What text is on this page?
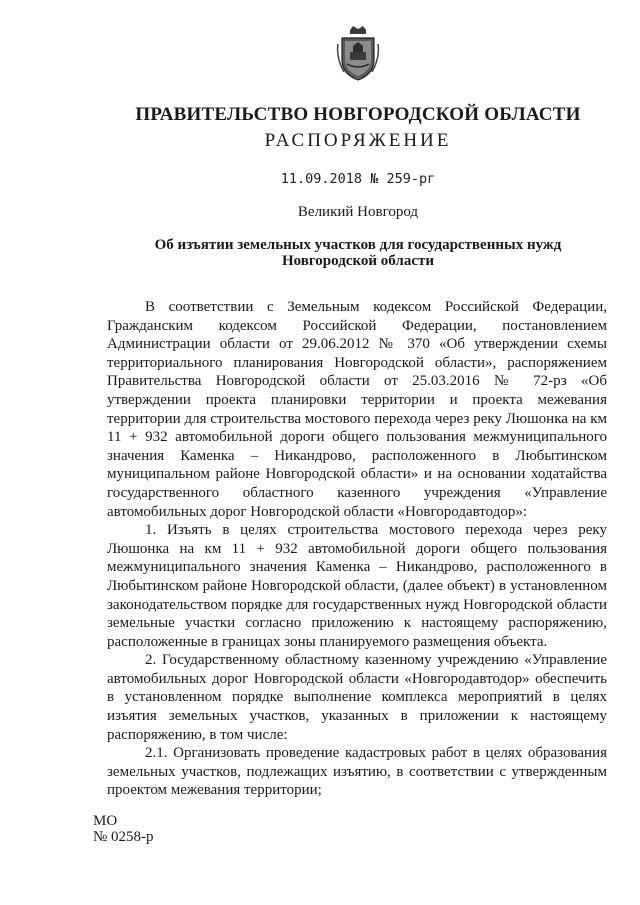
ПРАВИТЕЛЬСТВО НОВГОРОДСКОЙ ОБЛАСТИ
РАСПОРЯЖЕНИЕ
11.09.2018 № 259-рг
Великий Новгород
Об изъятии земельных участков для государственных нужд
Новгородской области

В соответствии с Земельным кодексом Российской Федерации, Гражданским кодексом Российской Федерации, постановлением Администрации области от 29.06.2012 № 370 «Об утверждении схемы территориального планирования Новгородской области», распоряжением Правительства Новгородской области от 25.03.2016 № 72-рз «Об утверждении проекта планировки территории и проекта межевания территории для строительства мостового перехода через реку Люшонка на км 11 + 932 автомобильной дороги общего пользования межмуниципального значения Каменка – Никандрово, расположенного в Любытинском муниципальном районе Новгородской области» и на основании ходатайства государственного областного казенного учреждения «Управление автомобильных дорог Новгородской области «Новгородавтодор»:

1. Изъять в целях строительства мостового перехода через реку Люшонка на км 11 + 932 автомобильной дороги общего пользования межмуниципального значения Каменка – Никандрово, расположенного в Любытинском районе Новгородской области, (далее объект) в установленном законодательством порядке для государственных нужд Новгородской области земельные участки согласно приложению к настоящему распоряжению, расположенные в границах зоны планируемого размещения объекта.

2. Государственному областному казенному учреждению «Управление автомобильных дорог Новгородской области «Новгородавтодор» обеспечить в установленном порядке выполнение комплекса мероприятий в целях изъятия земельных участков, указанных в приложении к настоящему распоряжению, в том числе:

2.1. Организовать проведение кадастровых работ в целях образования земельных участков, подлежащих изъятию, в соответствии с утвержденным проектом межевания территории;

МО
№ 0258-р
